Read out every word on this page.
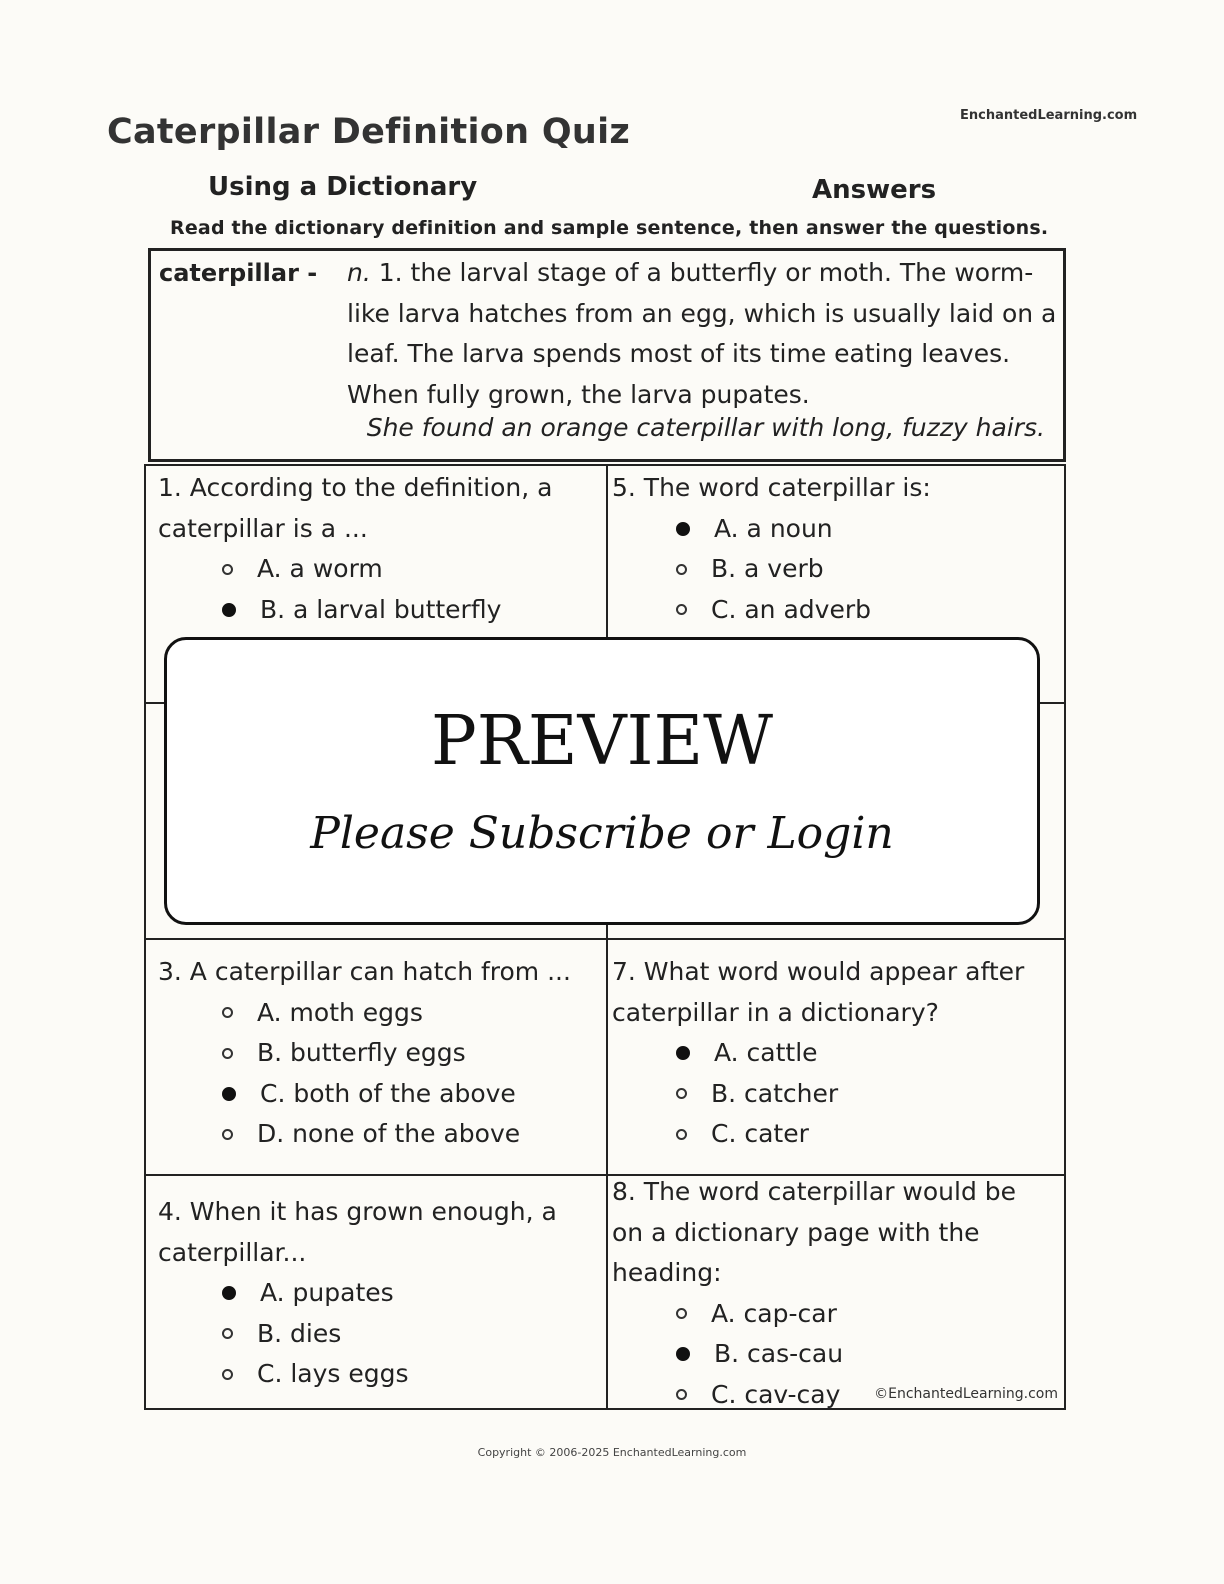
Caterpillar Definition Quiz	EnchantedLearning.com
Using a Dictionary	Answers
Read the dictionary definition and sample sentence, then answer the questions.
caterpillar - n. 1. the larval stage of a butterfly or moth. The worm-like larva hatches from an egg, which is usually laid on a leaf. The larva spends most of its time eating leaves. When fully grown, the larva pupates.
She found an orange caterpillar with long, fuzzy hairs.

1. According to the definition, a caterpillar is a ...

A. a worm
B. a larval butterfly

5. The word caterpillar is:

A. a noun
B. a verb
C. an adverb

3. A caterpillar can hatch from ...

A. moth eggs
B. butterfly eggs
C. both of the above
D. none of the above

7. What word would appear after caterpillar in a dictionary?

A. cattle
B. catcher
C. cater

4. When it has grown enough, a caterpillar...

A. pupates
B. dies
C. lays eggs

8. The word caterpillar would be on a dictionary page with the heading:

A. cap-car
B. cas-cau
C. cav-cay ©EnchantedLearning.com
PREVIEW
Please Subscribe or Login
Copyright © 2006-2025 EnchantedLearning.com
